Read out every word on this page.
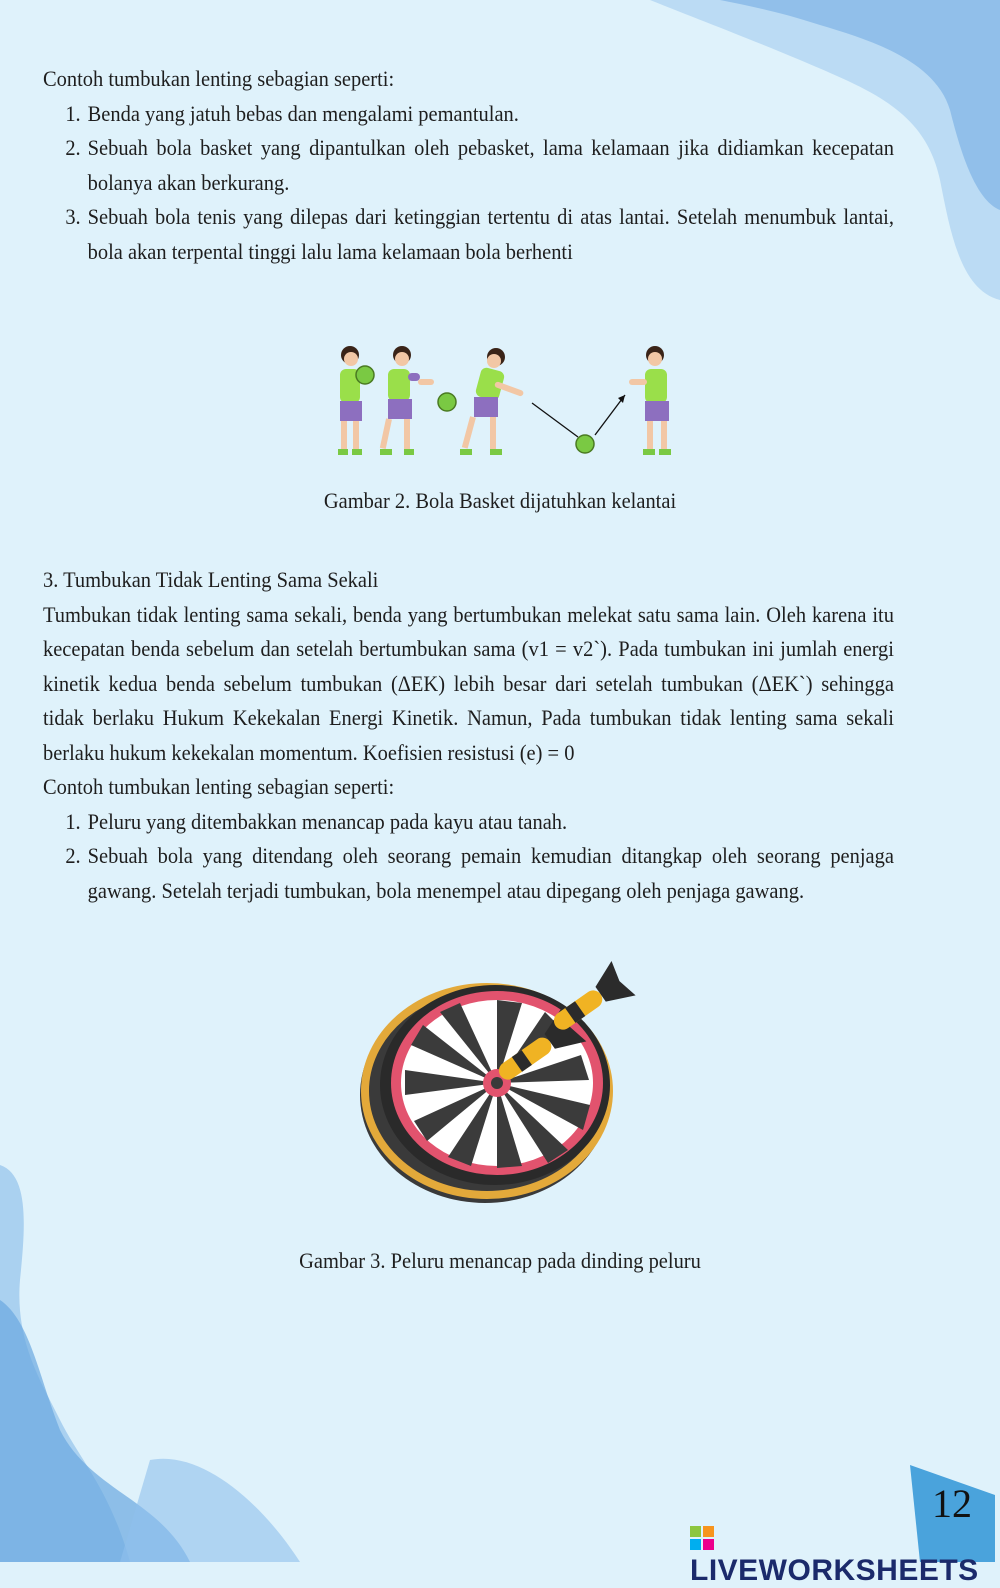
Contoh tumbukan lenting sebagian seperti:

1. Benda yang jatuh bebas dan mengalami pemantulan.
2. Sebuah bola basket yang dipantulkan oleh pebasket, lama kelamaan jika didiamkan kecepatan bolanya akan berkurang.
3. Sebuah bola tenis yang dilepas dari ketinggian tertentu di atas lantai. Setelah menumbuk lantai, bola akan terpental tinggi lalu lama kelamaan bola berhenti
Gambar 2. Bola Basket dijatuhkan kelantai

3. Tumbukan Tidak Lenting Sama Sekali

Tumbukan tidak lenting sama sekali, benda yang bertumbukan melekat satu sama lain. Oleh karena itu kecepatan benda sebelum dan setelah bertumbukan sama (v1 = v2`). Pada tumbukan ini jumlah energi kinetik kedua benda sebelum tumbukan (ΔEK) lebih besar dari setelah tumbukan (ΔEK`) sehingga tidak berlaku Hukum Kekekalan Energi Kinetik. Namun, Pada tumbukan tidak lenting sama sekali berlaku hukum kekekalan momentum. Koefisien resistusi (e) = 0

Contoh tumbukan lenting sebagian seperti:

1. Peluru yang ditembakkan menancap pada kayu atau tanah.
2. Sebuah bola yang ditendang oleh seorang pemain kemudian ditangkap oleh seorang penjaga gawang. Setelah terjadi tumbukan, bola menempel atau dipegang oleh penjaga gawang.
Gambar 3. Peluru menancap pada dinding peluru
12
LIVEWORKSHEETS
